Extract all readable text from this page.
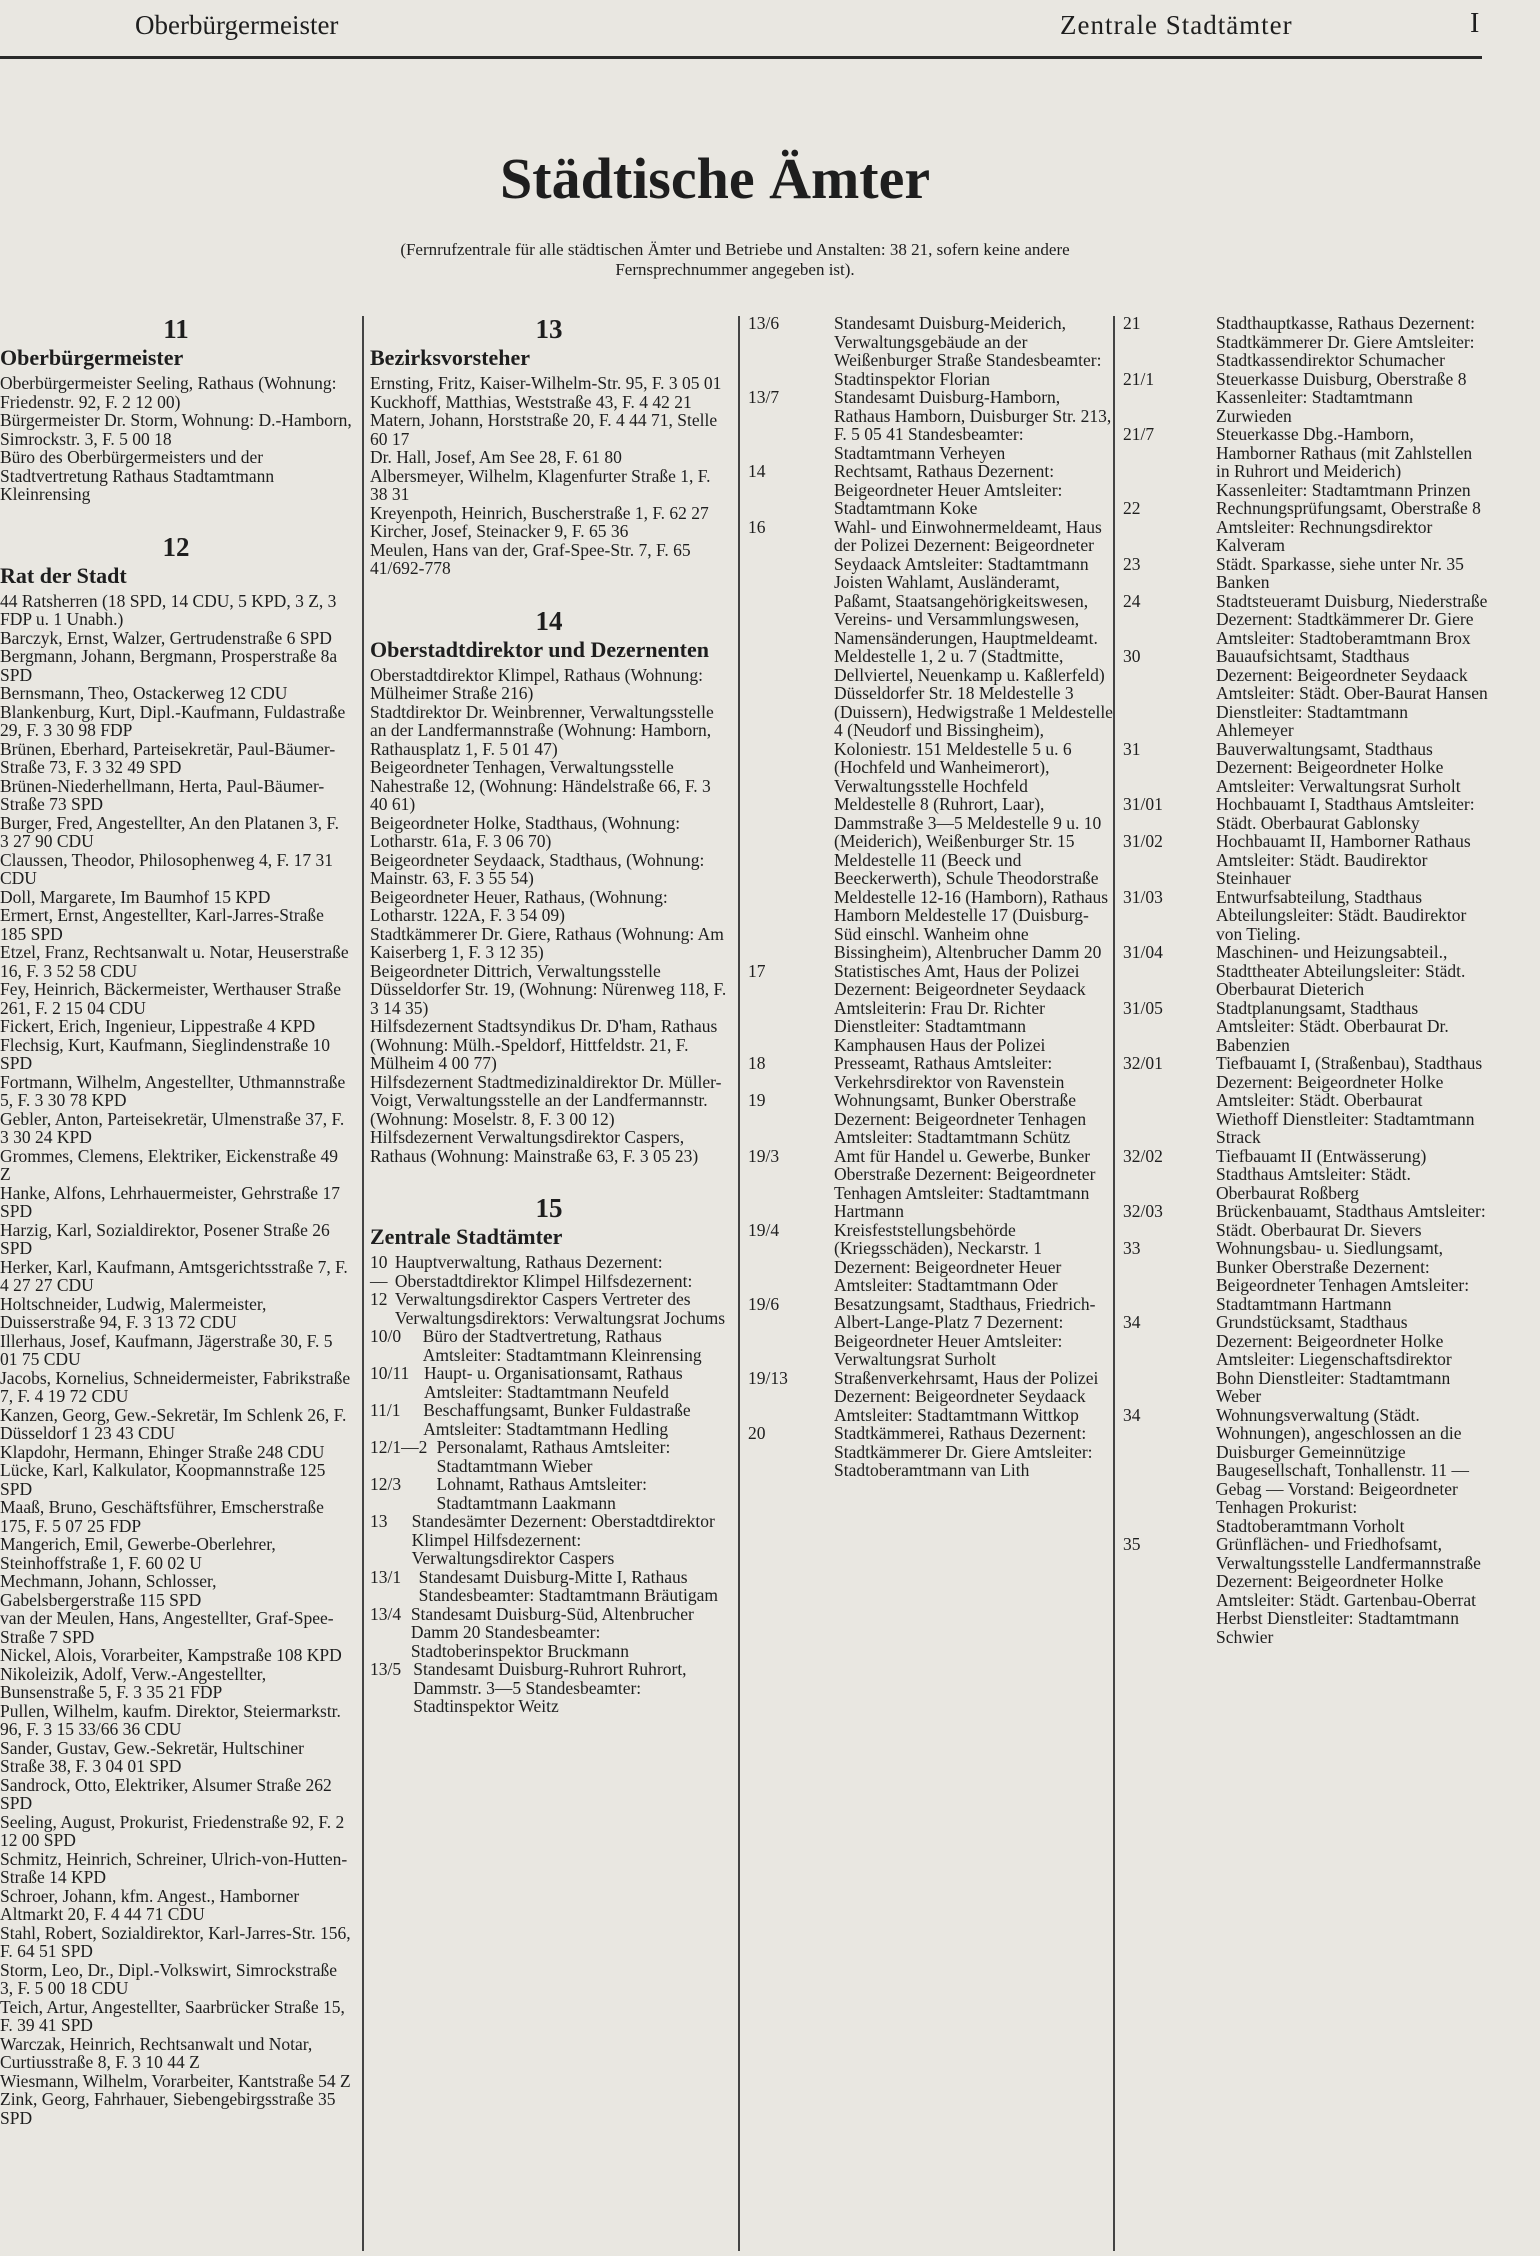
Oberbürgermeister	Zentrale Stadtämter	I
Städtische Ämter
(Fernrufzentrale für alle städtischen Ämter und Betriebe und Anstalten: 38 21, sofern keine andere Fernsprechnummer angegeben ist).
11
Oberbürgermeister
Oberbürgermeister Seeling, Rathaus (Wohnung: Friedenstr. 92, F. 2 12 00)
Bürgermeister Dr. Storm, Wohnung: D.-Hamborn, Simrockstr. 3, F. 5 00 18
Büro des Oberbürgermeisters und der Stadtvertretung Rathaus Stadtamtmann Kleinrensing
12
Rat der Stadt
44 Ratsherren (18 SPD, 14 CDU, 5 KPD, 3 Z, 3 FDP u. 1 Unabh.)
Barczyk, Ernst, Walzer, Gertrudenstraße 6 SPD
Bergmann, Johann, Bergmann, Prosperstraße 8a SPD
Bernsmann, Theo, Ostackerweg 12 CDU
Blankenburg, Kurt, Dipl.-Kaufmann, Fuldastraße 29, F. 3 30 98 FDP
Brünen, Eberhard, Parteisekretär, Paul-Bäumer-Straße 73, F. 3 32 49 SPD
Brünen-Niederhellmann, Herta, Paul-Bäumer-Straße 73 SPD
Burger, Fred, Angestellter, An den Platanen 3, F. 3 27 90 CDU
Claussen, Theodor, Philosophenweg 4, F. 17 31 CDU
Doll, Margarete, Im Baumhof 15 KPD
Ermert, Ernst, Angestellter, Karl-Jarres-Straße 185 SPD
Etzel, Franz, Rechtsanwalt u. Notar, Heuserstraße 16, F. 3 52 58 CDU
Fey, Heinrich, Bäckermeister, Werthauser Straße 261, F. 2 15 04 CDU
Fickert, Erich, Ingenieur, Lippestraße 4 KPD
Flechsig, Kurt, Kaufmann, Sieglindenstraße 10 SPD
Fortmann, Wilhelm, Angestellter, Uthmannstraße 5, F. 3 30 78 KPD
Gebler, Anton, Parteisekretär, Ulmenstraße 37, F. 3 30 24 KPD
Grommes, Clemens, Elektriker, Eickenstraße 49 Z
Hanke, Alfons, Lehrhauermeister, Gehrstraße 17 SPD
Harzig, Karl, Sozialdirektor, Posener Straße 26 SPD
Herker, Karl, Kaufmann, Amtsgerichtsstraße 7, F. 4 27 27 CDU
Holtschneider, Ludwig, Malermeister, Duisserstraße 94, F. 3 13 72 CDU
Illerhaus, Josef, Kaufmann, Jägerstraße 30, F. 5 01 75 CDU
Jacobs, Kornelius, Schneidermeister, Fabrikstraße 7, F. 4 19 72 CDU
Kanzen, Georg, Gew.-Sekretär, Im Schlenk 26, F. Düsseldorf 1 23 43 CDU
Klapdohr, Hermann, Ehinger Straße 248 CDU
Lücke, Karl, Kalkulator, Koopmannstraße 125 SPD
Maaß, Bruno, Geschäftsführer, Emscherstraße 175, F. 5 07 25 FDP
Mangerich, Emil, Gewerbe-Oberlehrer, Steinhoffstraße 1, F. 60 02 U
Mechmann, Johann, Schlosser, Gabelsbergerstraße 115 SPD
van der Meulen, Hans, Angestellter, Graf-Spee-Straße 7 SPD
Nickel, Alois, Vorarbeiter, Kampstraße 108 KPD
Nikoleizik, Adolf, Verw.-Angestellter, Bunsenstraße 5, F. 3 35 21 FDP
Pullen, Wilhelm, kaufm. Direktor, Steiermarkstr. 96, F. 3 15 33/66 36 CDU
Sander, Gustav, Gew.-Sekretär, Hultschiner Straße 38, F. 3 04 01 SPD
Sandrock, Otto, Elektriker, Alsumer Straße 262 SPD
Seeling, August, Prokurist, Friedenstraße 92, F. 2 12 00 SPD
Schmitz, Heinrich, Schreiner, Ulrich-von-Hutten-Straße 14 KPD
Schroer, Johann, kfm. Angest., Hamborner Altmarkt 20, F. 4 44 71 CDU
Stahl, Robert, Sozialdirektor, Karl-Jarres-Str. 156, F. 64 51 SPD
Storm, Leo, Dr., Dipl.-Volkswirt, Simrockstraße 3, F. 5 00 18 CDU
Teich, Artur, Angestellter, Saarbrücker Straße 15, F. 39 41 SPD
Warczak, Heinrich, Rechtsanwalt und Notar, Curtiusstraße 8, F. 3 10 44 Z
Wiesmann, Wilhelm, Vorarbeiter, Kantstraße 54 Z
Zink, Georg, Fahrhauer, Siebengebirgsstraße 35 SPD
13
Bezirksvorsteher
Ernsting, Fritz, Kaiser-Wilhelm-Str. 95, F. 3 05 01
Kuckhoff, Matthias, Weststraße 43, F. 4 42 21
Matern, Johann, Horststraße 20, F. 4 44 71, Stelle 60 17
Dr. Hall, Josef, Am See 28, F. 61 80
Albersmeyer, Wilhelm, Klagenfurter Straße 1, F. 38 31
Kreyenpoth, Heinrich, Buscherstraße 1, F. 62 27
Kircher, Josef, Steinacker 9, F. 65 36
Meulen, Hans van der, Graf-Spee-Str. 7, F. 65 41/692-778
14
Oberstadtdirektor und Dezernenten
Oberstadtdirektor Klimpel, Rathaus (Wohnung: Mülheimer Straße 216)
Stadtdirektor Dr. Weinbrenner, Verwaltungsstelle an der Landfermannstraße (Wohnung: Hamborn, Rathausplatz 1, F. 5 01 47)
Beigeordneter Tenhagen, Verwaltungsstelle Nahestraße 12, (Wohnung: Händelstraße 66, F. 3 40 61)
Beigeordneter Holke, Stadthaus, (Wohnung: Lotharstr. 61a, F. 3 06 70)
Beigeordneter Seydaack, Stadthaus, (Wohnung: Mainstr. 63, F. 3 55 54)
Beigeordneter Heuer, Rathaus, (Wohnung: Lotharstr. 122A, F. 3 54 09)
Stadtkämmerer Dr. Giere, Rathaus (Wohnung: Am Kaiserberg 1, F. 3 12 35)
Beigeordneter Dittrich, Verwaltungsstelle Düsseldorfer Str. 19, (Wohnung: Nürenweg 118, F. 3 14 35)
Hilfsdezernent Stadtsyndikus Dr. D'ham, Rathaus (Wohnung: Mülh.-Speldorf, Hittfeldstr. 21, F. Mülheim 4 00 77)
Hilfsdezernent Stadtmedizinaldirektor Dr. Müller-Voigt, Verwaltungsstelle an der Landfermannstr. (Wohnung: Moselstr. 8, F. 3 00 12)
Hilfsdezernent Verwaltungsdirektor Caspers, Rathaus (Wohnung: Mainstraße 63, F. 3 05 23)
15
Zentrale Stadtämter
10—12
Hauptverwaltung, Rathaus Dezernent: Oberstadtdirektor Klimpel Hilfsdezernent: Verwaltungsdirektor Caspers Vertreter des Verwaltungsdirektors: Verwaltungsrat Jochums
10/0	Büro der Stadtvertretung, Rathaus Amtsleiter: Stadtamtmann Kleinrensing
10/11 Haupt- u. Organisationsamt, Rathaus Amtsleiter: Stadtamtmann Neufeld
11/1	Beschaffungsamt, Bunker Fuldastraße Amtsleiter: Stadtamtmann Hedling
12/1—2 Personalamt, Rathaus Amtsleiter: Stadtamtmann Wieber
12/3	Lohnamt, Rathaus Amtsleiter: Stadtamtmann Laakmann
13	Standesämter Dezernent: Oberstadtdirektor Klimpel Hilfsdezernent: Verwaltungsdirektor Caspers
13/1	Standesamt Duisburg-Mitte I, Rathaus Standesbeamter: Stadtamtmann Bräutigam
13/4 Standesamt Duisburg-Süd, Altenbrucher Damm 20 Standesbeamter: Stadtoberinspektor Bruckmann
13/5 Standesamt Duisburg-Ruhrort Ruhrort, Dammstr. 3—5 Standesbeamter: Stadtinspektor Weitz
13/6	Standesamt Duisburg-Meiderich, Verwaltungsgebäude an der Weißenburger Straße Standesbeamter: Stadtinspektor Florian
13/7	Standesamt Duisburg-Hamborn, Rathaus Hamborn, Duisburger Str. 213, F. 5 05 41 Standesbeamter: Stadtamtmann Verheyen
14	Rechtsamt, Rathaus Dezernent: Beigeordneter Heuer Amtsleiter: Stadtamtmann Koke
16	Wahl- und Einwohnermeldeamt, Haus der Polizei Dezernent: Beigeordneter Seydaack Amtsleiter: Stadtamtmann Joisten Wahlamt, Ausländeramt, Paßamt, Staatsangehörigkeitswesen, Vereins- und Versammlungswesen, Namensänderungen, Hauptmeldeamt. Meldestelle 1, 2 u. 7 (Stadtmitte, Dellviertel, Neuenkamp u. Kaßlerfeld) Düsseldorfer Str. 18 Meldestelle 3 (Duissern), Hedwigstraße 1 Meldestelle 4 (Neudorf und Bissingheim), Koloniestr. 151 Meldestelle 5 u. 6 (Hochfeld und Wanheimerort), Verwaltungsstelle Hochfeld Meldestelle 8 (Ruhrort, Laar), Dammstraße 3—5 Meldestelle 9 u. 10 (Meiderich), Weißenburger Str. 15 Meldestelle 11 (Beeck und Beeckerwerth), Schule Theodorstraße Meldestelle 12-16 (Hamborn), Rathaus Hamborn Meldestelle 17 (Duisburg-Süd einschl. Wanheim ohne Bissingheim), Altenbrucher Damm 20
17	Statistisches Amt, Haus der Polizei Dezernent: Beigeordneter Seydaack Amtsleiterin: Frau Dr. Richter Dienstleiter: Stadtamtmann Kamphausen Haus der Polizei
18	Presseamt, Rathaus Amtsleiter: Verkehrsdirektor von Ravenstein
19	Wohnungsamt, Bunker Oberstraße Dezernent: Beigeordneter Tenhagen Amtsleiter: Stadtamtmann Schütz
19/3	Amt für Handel u. Gewerbe, Bunker Oberstraße Dezernent: Beigeordneter Tenhagen Amtsleiter: Stadtamtmann Hartmann
19/4	Kreisfeststellungsbehörde (Kriegsschäden), Neckarstr. 1 Dezernent: Beigeordneter Heuer Amtsleiter: Stadtamtmann Oder
19/6	Besatzungsamt, Stadthaus, Friedrich-Albert-Lange-Platz 7 Dezernent: Beigeordneter Heuer Amtsleiter: Verwaltungsrat Surholt
19/13	Straßenverkehrsamt, Haus der Polizei Dezernent: Beigeordneter Seydaack Amtsleiter: Stadtamtmann Wittkop
20	Stadtkämmerei, Rathaus Dezernent: Stadtkämmerer Dr. Giere Amtsleiter: Stadtoberamtmann van Lith
21	Stadthauptkasse, Rathaus Dezernent: Stadtkämmerer Dr. Giere Amtsleiter: Stadtkassendirektor Schumacher
21/1	Steuerkasse Duisburg, Oberstraße 8 Kassenleiter: Stadtamtmann Zurwieden
21/7	Steuerkasse Dbg.-Hamborn, Hamborner Rathaus (mit Zahlstellen in Ruhrort und Meiderich) Kassenleiter: Stadtamtmann Prinzen
22	Rechnungsprüfungsamt, Oberstraße 8 Amtsleiter: Rechnungsdirektor Kalveram
23	Städt. Sparkasse, siehe unter Nr. 35 Banken
24	Stadtsteueramt Duisburg, Niederstraße Dezernent: Stadtkämmerer Dr. Giere Amtsleiter: Stadtoberamtmann Brox
30	Bauaufsichtsamt, Stadthaus Dezernent: Beigeordneter Seydaack Amtsleiter: Städt. Ober-Baurat Hansen Dienstleiter: Stadtamtmann Ahlemeyer
31	Bauverwaltungsamt, Stadthaus Dezernent: Beigeordneter Holke Amtsleiter: Verwaltungsrat Surholt
31/01	Hochbauamt I, Stadthaus Amtsleiter: Städt. Oberbaurat Gablonsky
31/02	Hochbauamt II, Hamborner Rathaus Amtsleiter: Städt. Baudirektor Steinhauer
31/03	Entwurfsabteilung, Stadthaus Abteilungsleiter: Städt. Baudirektor von Tieling.
31/04	Maschinen- und Heizungsabteil., Stadttheater Abteilungsleiter: Städt. Oberbaurat Dieterich
31/05	Stadtplanungsamt, Stadthaus Amtsleiter: Städt. Oberbaurat Dr. Babenzien
32/01	Tiefbauamt I, (Straßenbau), Stadthaus Dezernent: Beigeordneter Holke Amtsleiter: Städt. Oberbaurat Wiethoff Dienstleiter: Stadtamtmann Strack
32/02	Tiefbauamt II (Entwässerung) Stadthaus Amtsleiter: Städt. Oberbaurat Roßberg
32/03	Brückenbauamt, Stadthaus Amtsleiter: Städt. Oberbaurat Dr. Sievers
33	Wohnungsbau- u. Siedlungsamt, Bunker Oberstraße Dezernent: Beigeordneter Tenhagen Amtsleiter: Stadtamtmann Hartmann
34	Grundstücksamt, Stadthaus Dezernent: Beigeordneter Holke Amtsleiter: Liegenschaftsdirektor Bohn Dienstleiter: Stadtamtmann Weber
34	Wohnungsverwaltung (Städt. Wohnungen), angeschlossen an die Duisburger Gemeinnützige Baugesellschaft, Tonhallenstr. 11 — Gebag — Vorstand: Beigeordneter Tenhagen Prokurist: Stadtoberamtmann Vorholt
35	Grünflächen- und Friedhofsamt, Verwaltungsstelle Landfermannstraße Dezernent: Beigeordneter Holke Amtsleiter: Städt. Gartenbau-Oberrat Herbst Dienstleiter: Stadtamtmann Schwier
